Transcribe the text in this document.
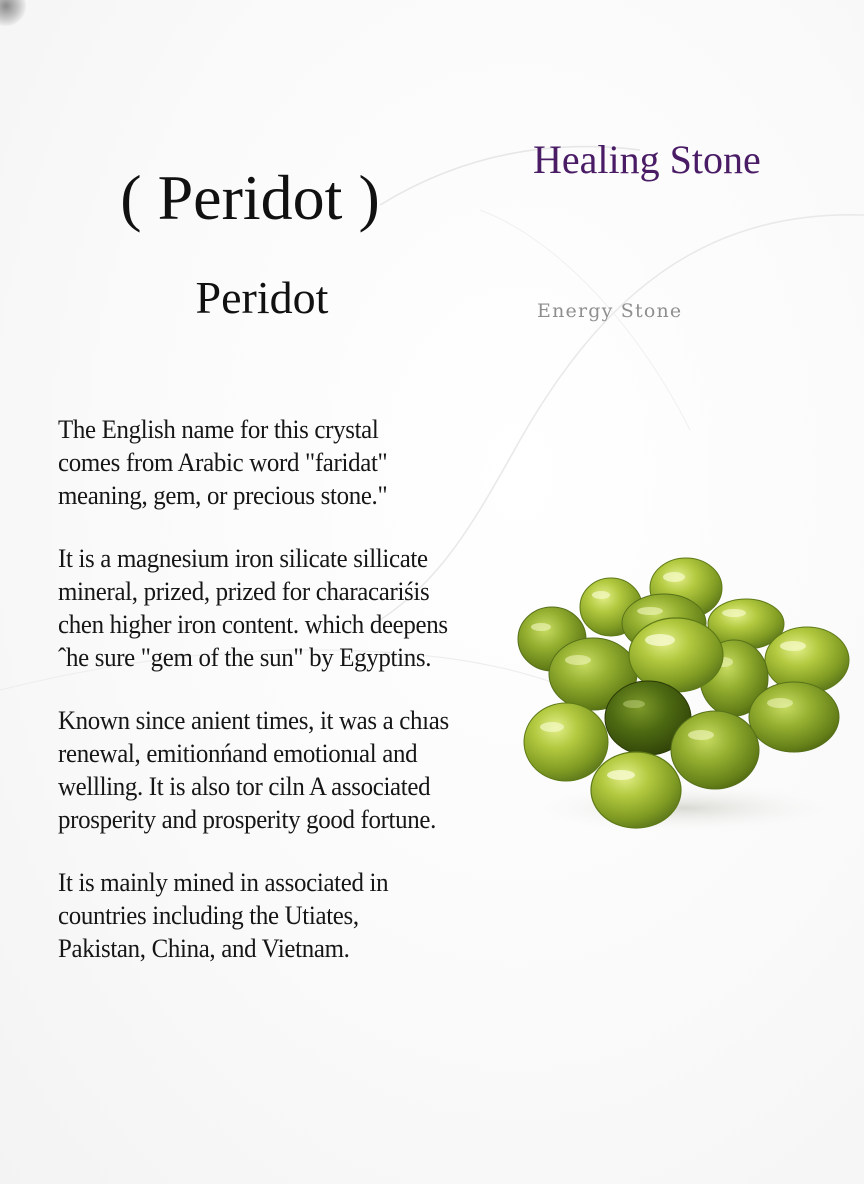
( Peridot )
Peridot
Healing Stone
Energy Stone
The English name for this crystal
comes from Arabic word "faridat"
meaning, gem, or precious stone."
It is a magnesium iron silicate sillicate
mineral, prized, prized for characariśis
chen higher iron content. which deepens
ˆhe sure "gem of the sun" by Egyptins.
Known since anient times, it was a chıas
renewal, emitionńand emotionıal and
wellling. It is also tor ciln A associated
prosperity and prosperity good fortune.
It is mainly mined in associated in
countries including the Utiates,
Pakistan, China, and Vietnam.
